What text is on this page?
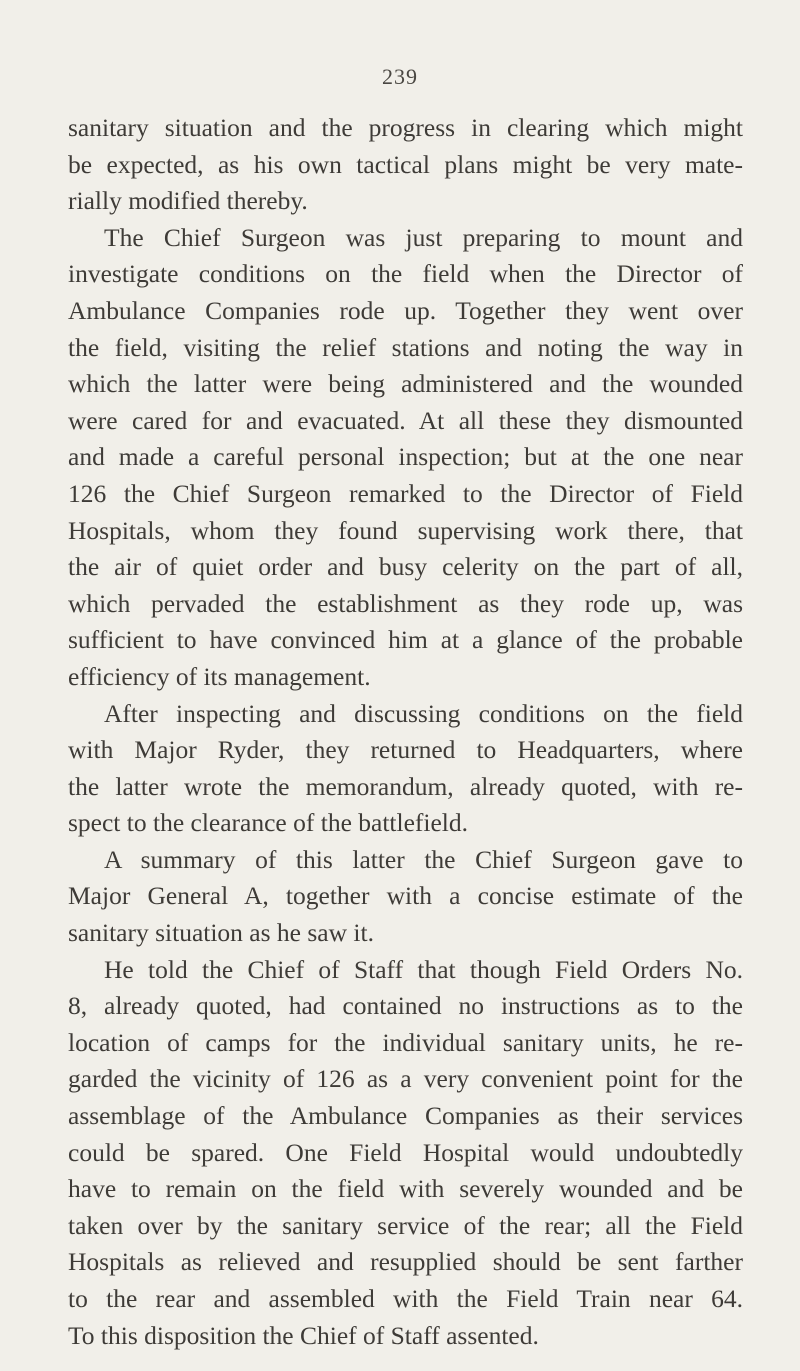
239
sanitary situation and the progress in clearing which might
be expected, as his own tactical plans might be very mate-
rially modified thereby.
The Chief Surgeon was just preparing to mount and
investigate conditions on the field when the Director of
Ambulance Companies rode up. Together they went over
the field, visiting the relief stations and noting the way in
which the latter were being administered and the wounded
were cared for and evacuated. At all these they dismounted
and made a careful personal inspection; but at the one near
126 the Chief Surgeon remarked to the Director of Field
Hospitals, whom they found supervising work there, that
the air of quiet order and busy celerity on the part of all,
which pervaded the establishment as they rode up, was
sufficient to have convinced him at a glance of the probable
efficiency of its management.
After inspecting and discussing conditions on the field
with Major Ryder, they returned to Headquarters, where
the latter wrote the memorandum, already quoted, with re-
spect to the clearance of the battlefield.
A summary of this latter the Chief Surgeon gave to
Major General A, together with a concise estimate of the
sanitary situation as he saw it.
He told the Chief of Staff that though Field Orders No.
8, already quoted, had contained no instructions as to the
location of camps for the individual sanitary units, he re-
garded the vicinity of 126 as a very convenient point for the
assemblage of the Ambulance Companies as their services
could be spared. One Field Hospital would undoubtedly
have to remain on the field with severely wounded and be
taken over by the sanitary service of the rear; all the Field
Hospitals as relieved and resupplied should be sent farther
to the rear and assembled with the Field Train near 64.
To this disposition the Chief of Staff assented.
